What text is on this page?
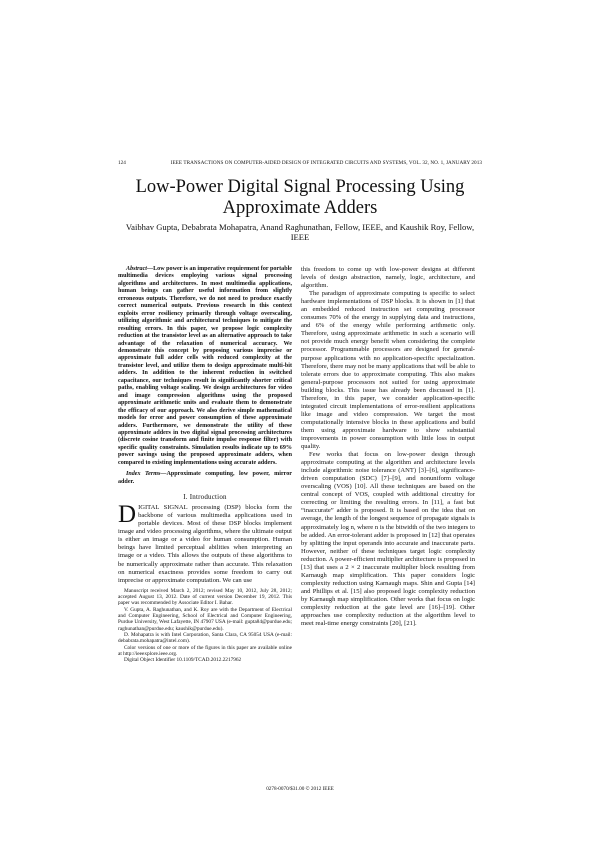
124	IEEE TRANSACTIONS ON COMPUTER-AIDED DESIGN OF INTEGRATED CIRCUITS AND SYSTEMS, VOL. 32, NO. 1, JANUARY 2013
Low-Power Digital Signal Processing Using
Approximate Adders
Vaibhav Gupta, Debabrata Mohapatra, Anand Raghunathan, Fellow, IEEE, and Kaushik Roy, Fellow, IEEE

Abstract—Low power is an imperative requirement for portable multimedia devices employing various signal processing algorithms and architectures. In most multimedia applications, human beings can gather useful information from slightly erroneous outputs. Therefore, we do not need to produce exactly correct numerical outputs. Previous research in this context exploits error resiliency primarily through voltage overscaling, utilizing algorithmic and architectural techniques to mitigate the resulting errors. In this paper, we propose logic complexity reduction at the transistor level as an alternative approach to take advantage of the relaxation of numerical accuracy. We demonstrate this concept by proposing various imprecise or approximate full adder cells with reduced complexity at the transistor level, and utilize them to design approximate multi-bit adders. In addition to the inherent reduction in switched capacitance, our techniques result in significantly shorter critical paths, enabling voltage scaling. We design architectures for video and image compression algorithms using the proposed approximate arithmetic units and evaluate them to demonstrate the efficacy of our approach. We also derive simple mathematical models for error and power consumption of these approximate adders. Furthermore, we demonstrate the utility of these approximate adders in two digital signal processing architectures (discrete cosine transform and finite impulse response filter) with specific quality constraints. Simulation results indicate up to 69% power savings using the proposed approximate adders, when compared to existing implementations using accurate adders.

Index Terms—Approximate computing, low power, mirror adder.

I. Introduction

DIGITAL SIGNAL processing (DSP) blocks form the backbone of various multimedia applications used in portable devices. Most of these DSP blocks implement image and video processing algorithms, where the ultimate output is either an image or a video for human consumption. Human beings have limited perceptual abilities when interpreting an image or a video. This allows the outputs of these algorithms to be numerically approximate rather than accurate. This relaxation on numerical exactness provides some freedom to carry out imprecise or approximate computation. We can use

Manuscript received March 2, 2012; revised May 10, 2012, July 28, 2012; accepted August 13, 2012. Date of current version December 19, 2012. This paper was recommended by Associate Editor I. Bahar.

V. Gupta, A. Raghunathan, and K. Roy are with the Department of Electrical and Computer Engineering, School of Electrical and Computer Engineering, Purdue University, West Lafayette, IN 47907 USA (e-mail: gupta84@purdue.edu; raghunathan@purdue.edu; kaushik@purdue.edu).

D. Mohapatra is with Intel Corporation, Santa Clara, CA 95054 USA (e-mail: debabrata.mohapatra@intel.com).

Color versions of one or more of the figures in this paper are available online at http://ieeexplore.ieee.org.

Digital Object Identifier 10.1109/TCAD.2012.2217962

this freedom to come up with low-power designs at different levels of design abstraction, namely, logic, architecture, and algorithm.

The paradigm of approximate computing is specific to select hardware implementations of DSP blocks. It is shown in [1] that an embedded reduced instruction set computing processor consumes 70% of the energy in supplying data and instructions, and 6% of the energy while performing arithmetic only. Therefore, using approximate arithmetic in such a scenario will not provide much energy benefit when considering the complete processor. Programmable processors are designed for general-purpose applications with no application-specific specialization. Therefore, there may not be many applications that will be able to tolerate errors due to approximate computing. This also makes general-purpose processors not suited for using approximate building blocks. This issue has already been discussed in [1]. Therefore, in this paper, we consider application-specific integrated circuit implementations of error-resilient applications like image and video compression. We target the most computationally intensive blocks in these applications and build them using approximate hardware to show substantial improvements in power consumption with little loss in output quality.

Few works that focus on low-power design through approximate computing at the algorithm and architecture levels include algorithmic noise tolerance (ANT) [3]–[6], significance-driven computation (SDC) [7]–[9], and nonuniform voltage overscaling (VOS) [10]. All these techniques are based on the central concept of VOS, coupled with additional circuitry for correcting or limiting the resulting errors. In [11], a fast but “inaccurate” adder is proposed. It is based on the idea that on average, the length of the longest sequence of propagate signals is approximately log n, where n is the bitwidth of the two integers to be added. An error-tolerant adder is proposed in [12] that operates by splitting the input operands into accurate and inaccurate parts. However, neither of these techniques target logic complexity reduction. A power-efficient multiplier architecture is proposed in [13] that uses a 2 × 2 inaccurate multiplier block resulting from Karnaugh map simplification. This paper considers logic complexity reduction using Karnaugh maps. Shin and Gupta [14] and Phillips et al. [15] also proposed logic complexity reduction by Karnaugh map simplification. Other works that focus on logic complexity reduction at the gate level are [16]–[19]. Other approaches use complexity reduction at the algorithm level to meet real-time energy constraints [20], [21].

0278-0070/$31.00 © 2012 IEEE
